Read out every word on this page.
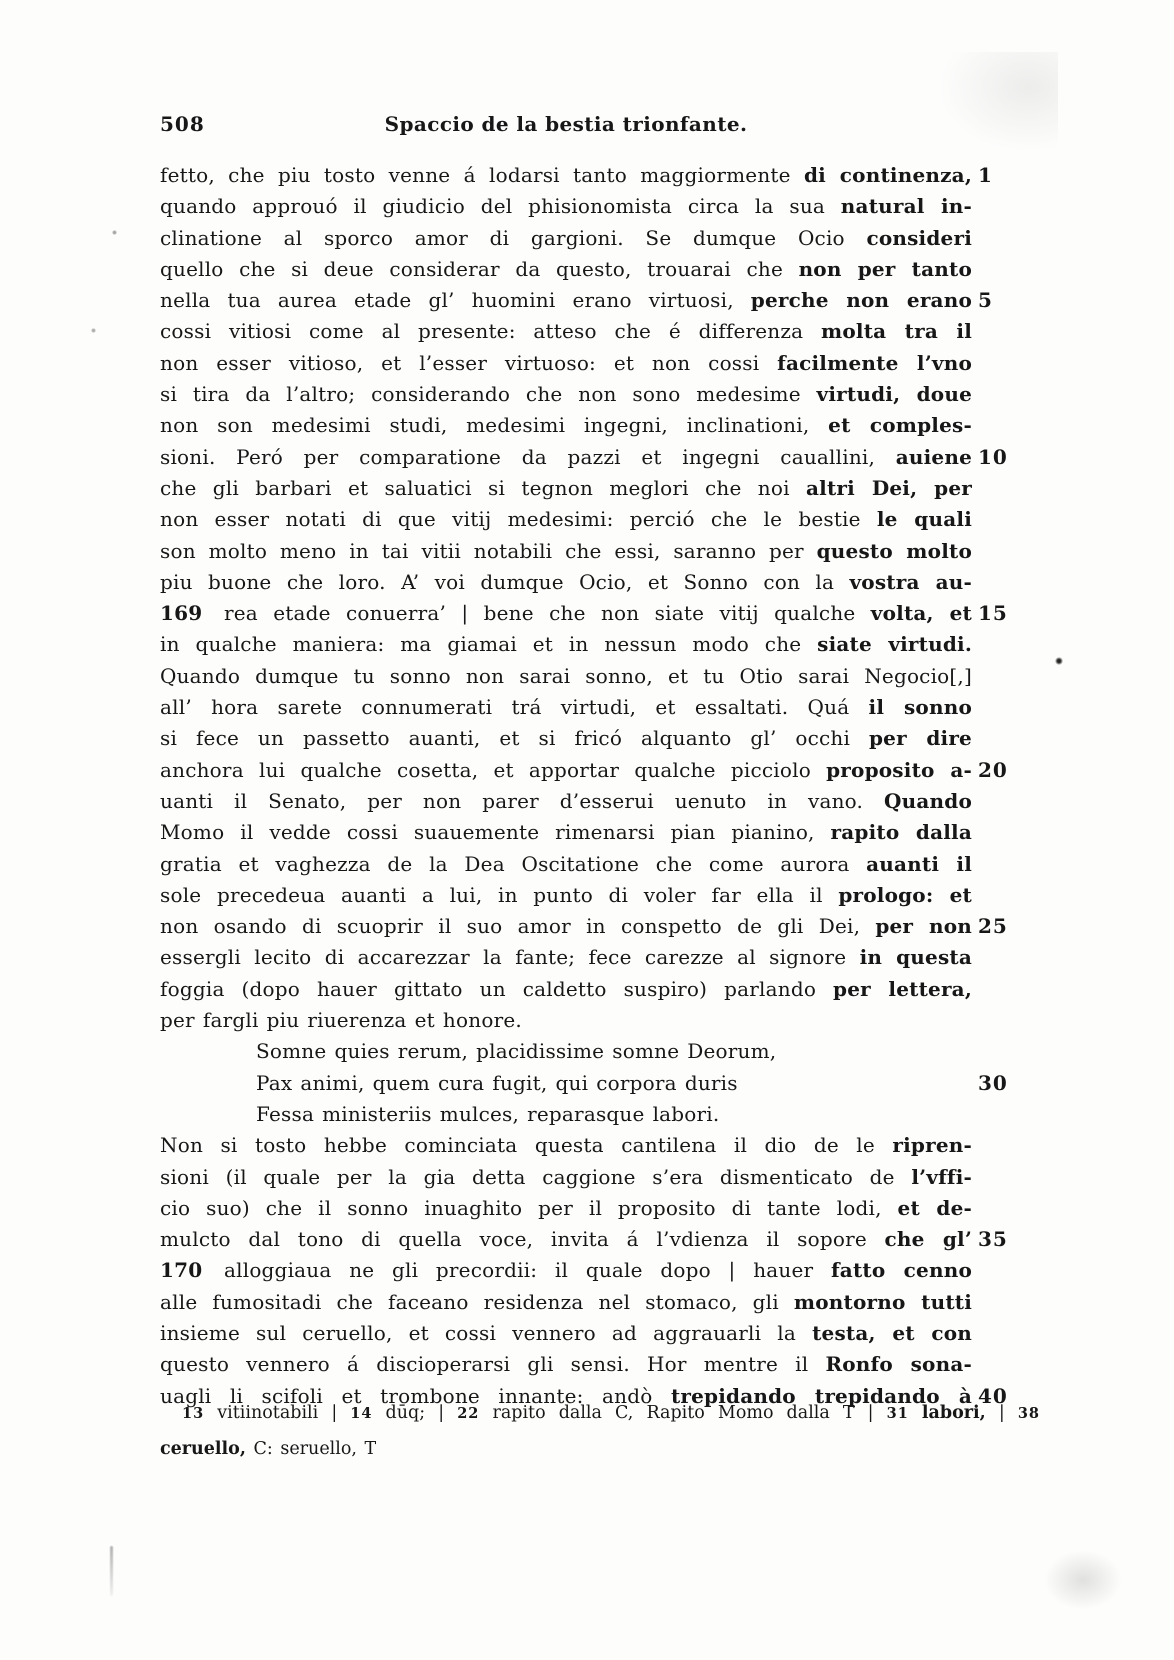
508	Spaccio de la bestia trionfante.
fetto, che piu tosto venne á lodarsi tanto maggiormente di continenza, 1
quando approuó il giudicio del phisionomista circa la sua natural in-
clinatione al sporco amor di gargioni. Se dumque Ocio consideri
quello che si deue considerar da questo, trouarai che non per tanto
nella tua aurea etade gl’ huomini erano virtuosi, perche non erano 5
cossi vitiosi come al presente: atteso che é differenza molta tra il
non esser vitioso, et l’esser virtuoso: et non cossi facilmente l’vno
si tira da l’altro; considerando che non sono medesime virtudi, doue
non son medesimi studi, medesimi ingegni, inclinationi, et comples-
sioni. Peró per comparatione da pazzi et ingegni cauallini, auiene 10
che gli barbari et saluatici si tegnon meglori che noi altri Dei, per
non esser notati di que vitij medesimi: perció che le bestie le quali
son molto meno in tai vitii notabili che essi, saranno per questo molto
piu buone che loro. A’ voi dumque Ocio, et Sonno con la vostra au-
169 rea etade conuerra’ | bene che non siate vitij qualche volta, et 15
in qualche maniera: ma giamai et in nessun modo che siate virtudi.
Quando dumque tu sonno non sarai sonno, et tu Otio sarai Negocio[,]
all’ hora sarete connumerati trá virtudi, et essaltati. Quá il sonno
si fece un passetto auanti, et si fricó alquanto gl’ occhi per dire
anchora lui qualche cosetta, et apportar qualche picciolo proposito a- 20
uanti il Senato, per non parer d’esserui uenuto in vano. Quando
Momo il vedde cossi suauemente rimenarsi pian pianino, rapito dalla
gratia et vaghezza de la Dea Oscitatione che come aurora auanti il
sole precedeua auanti a lui, in punto di voler far ella il prologo: et
non osando di scuoprir il suo amor in conspetto de gli Dei, per non 25
essergli lecito di accarezzar la fante; fece carezze al signore in questa
foggia (dopo hauer gittato un caldetto suspiro) parlando per lettera,
per fargli piu riuerenza et honore.
Somne quies rerum, placidissime somne Deorum,
Pax animi, quem cura fugit, qui corpora duris	30
Fessa ministeriis mulces, reparasque labori.
Non si tosto hebbe cominciata questa cantilena il dio de le ripren-
sioni (il quale per la gia detta caggione s’era dismenticato de l’vffi-
cio suo) che il sonno inuaghito per il proposito di tante lodi, et de-
mulcto dal tono di quella voce, invita á l’vdienza il sopore che gl’ 35
170 alloggiaua ne gli precordii: il quale dopo | hauer fatto cenno
alle fumositadi che faceano residenza nel stomaco, gli montorno tutti
insieme sul ceruello, et cossi vennero ad aggrauarli la testa, et con
questo vennero á discioperarsi gli sensi. Hor mentre il Ronfo sona-
uagli li scifoli et trombone innante: andò trepidando trepidando à 40
13 vitiinotabili | 14 dūq; | 22 rapito dalla C, Rapito Momo dalla T | 31 labori, | 38
ceruello, C: seruello, T
